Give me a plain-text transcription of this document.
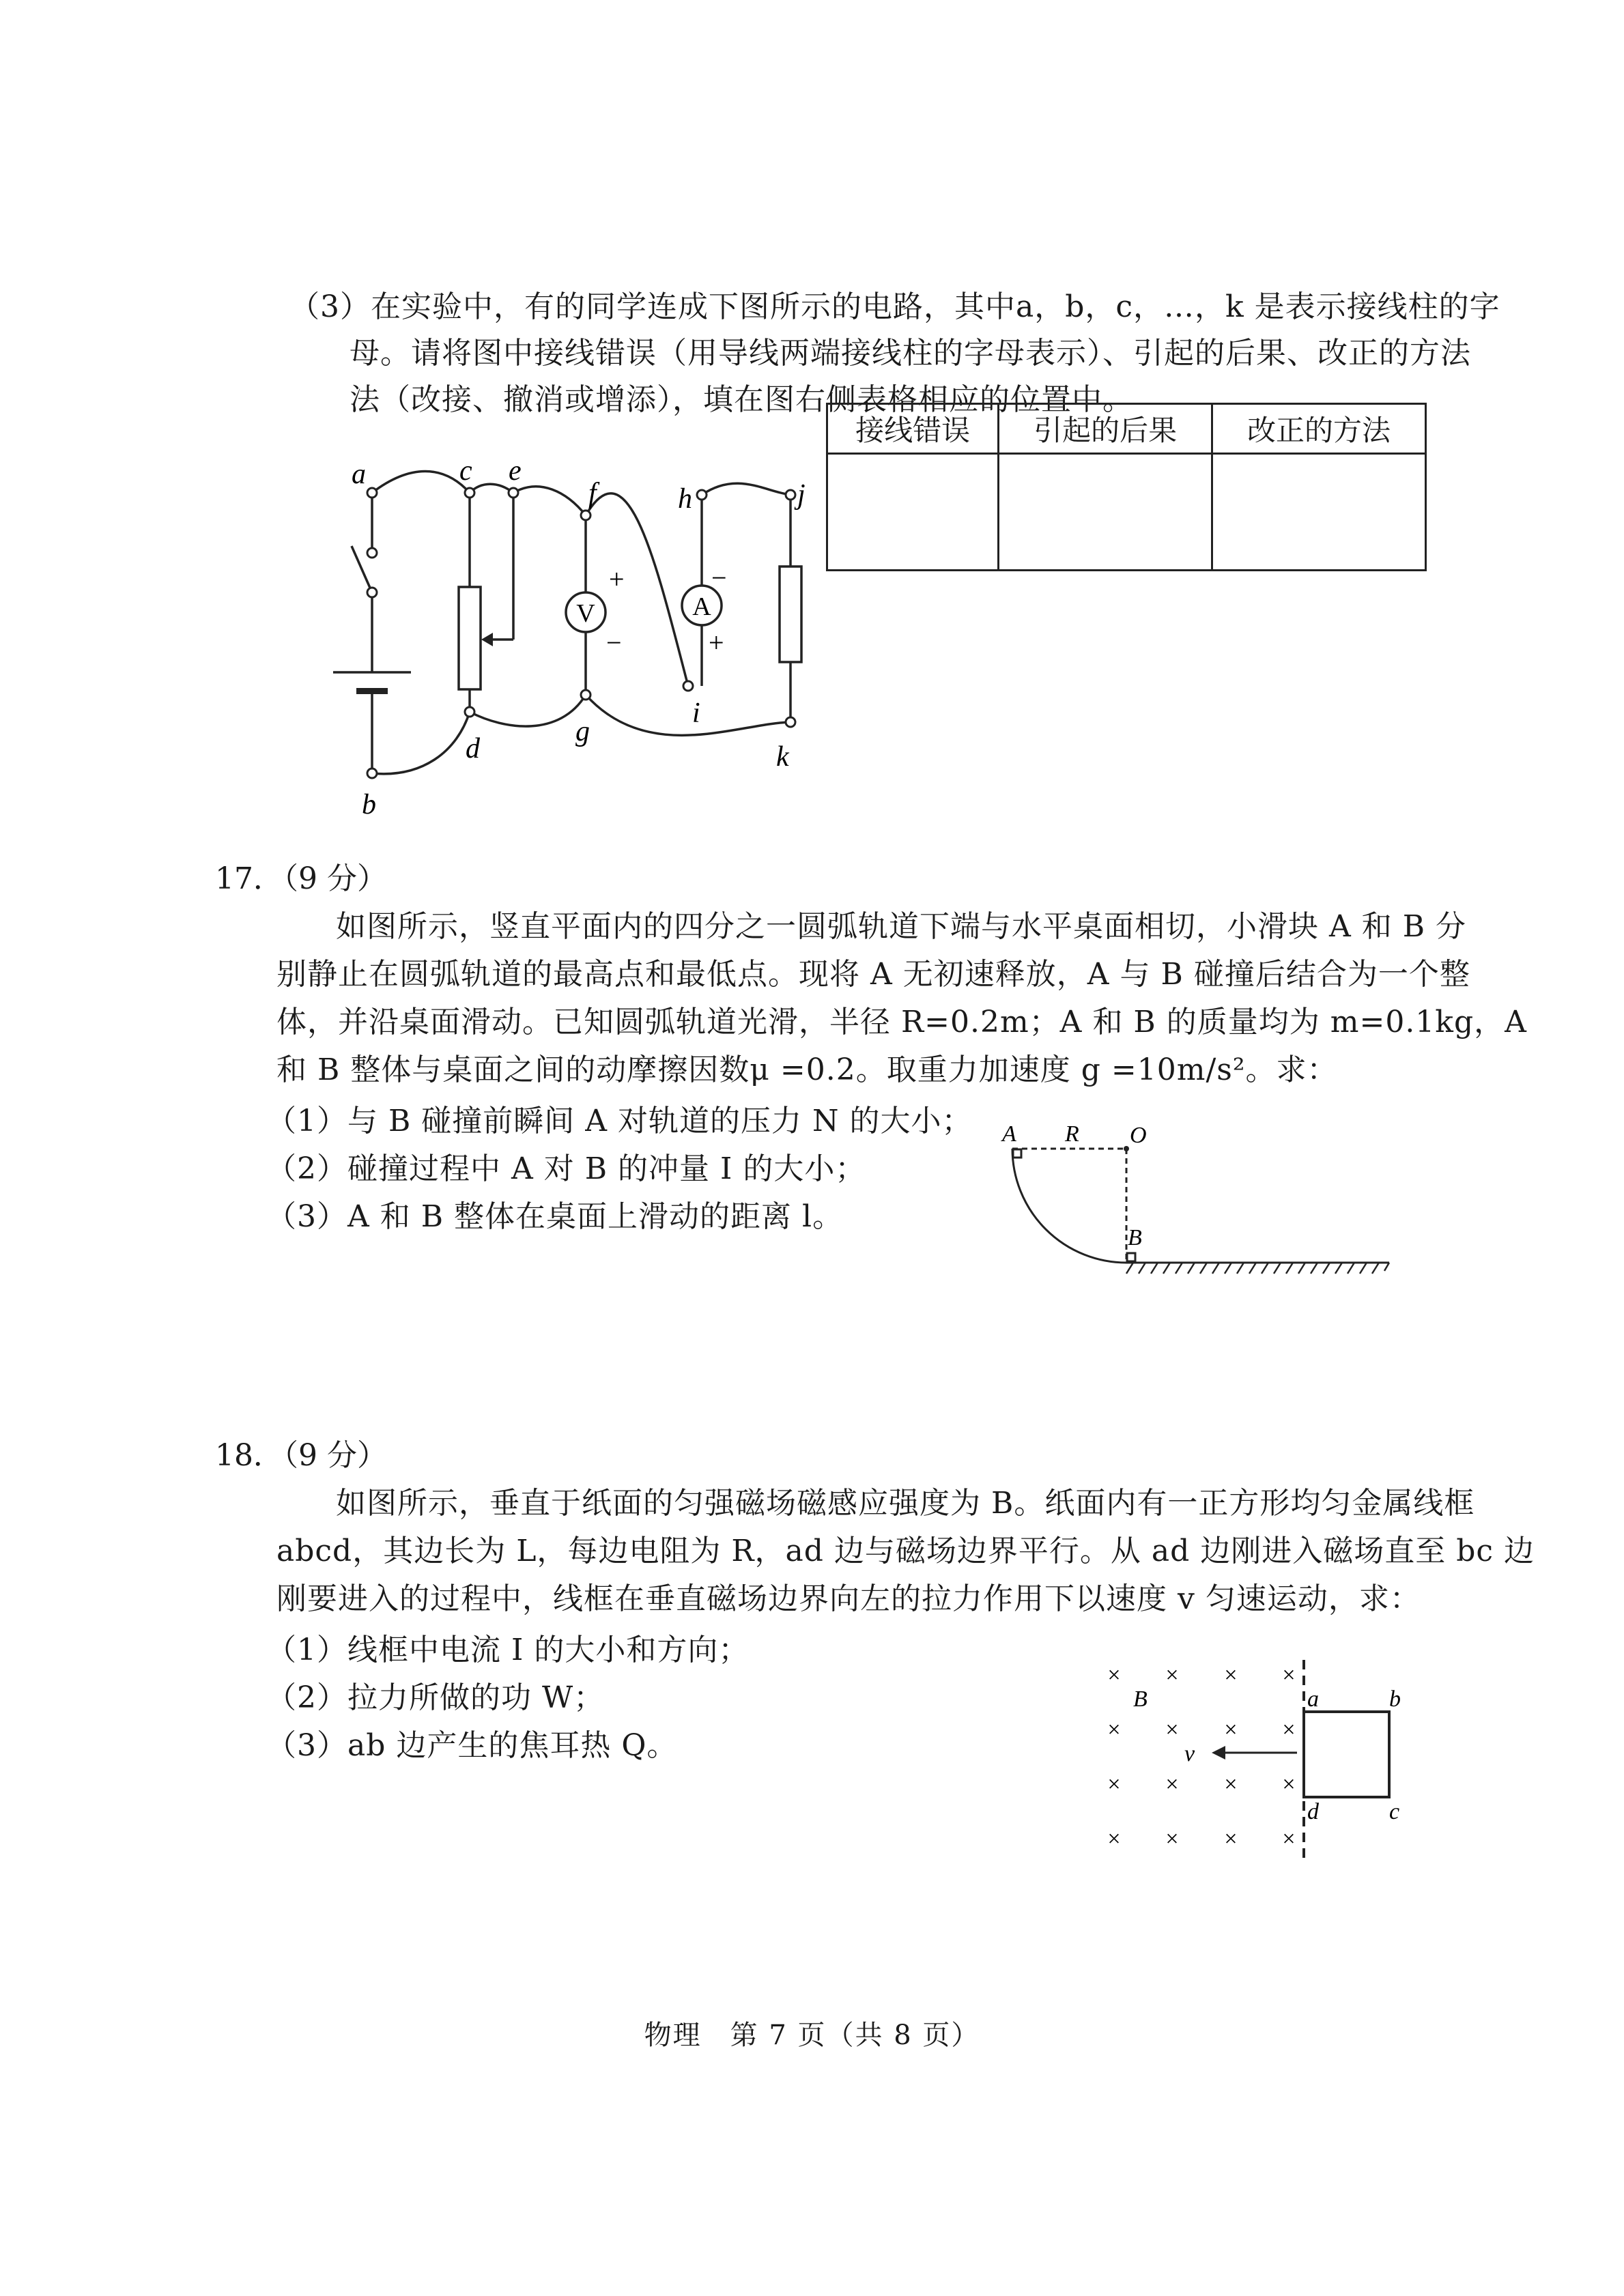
（3）在实验中，有的同学连成下图所示的电路，其中a，b，c，…，k 是表示接线柱的字
母。请将图中接线错误（用导线两端接线柱的字母表示）、引起的后果、改正的方法
法（改接、撤消或增添），填在图右侧表格相应的位置中。
V	A
+
−
−
+
a
b
c
d
e
f
g
h
i
j
k
接线错误	引起的后果	改正的方法

17．（9 分）
如图所示，竖直平面内的四分之一圆弧轨道下端与水平桌面相切，小滑块 A 和 B 分
别静止在圆弧轨道的最高点和最低点。现将 A 无初速释放，A 与 B 碰撞后结合为一个整
体，并沿桌面滑动。已知圆弧轨道光滑，半径 R=0.2m；A 和 B 的质量均为 m=0.1kg，A
和 B 整体与桌面之间的动摩擦因数μ =0.2。取重力加速度 g =10m/s²。求：
（1）与 B 碰撞前瞬间 A 对轨道的压力 N 的大小；
（2）碰撞过程中 A 对 B 的冲量 I 的大小；
（3）A 和 B 整体在桌面上滑动的距离 l。
A R O
B
18．（9 分）
如图所示，垂直于纸面的匀强磁场磁感应强度为 B。纸面内有一正方形均匀金属线框
abcd，其边长为 L，每边电阻为 R，ad 边与磁场边界平行。从 ad 边刚进入磁场直至 bc 边
刚要进入的过程中，线框在垂直磁场边界向左的拉力作用下以速度 v 匀速运动，求：
（1）线框中电流 I 的大小和方向；
（2）拉力所做的功 W；
（3）ab 边产生的焦耳热 Q。
× × × ×
× × × ×
× × × ×
× × × ×
B
v
a	b
c
d
物理　第 7 页（共 8 页）
